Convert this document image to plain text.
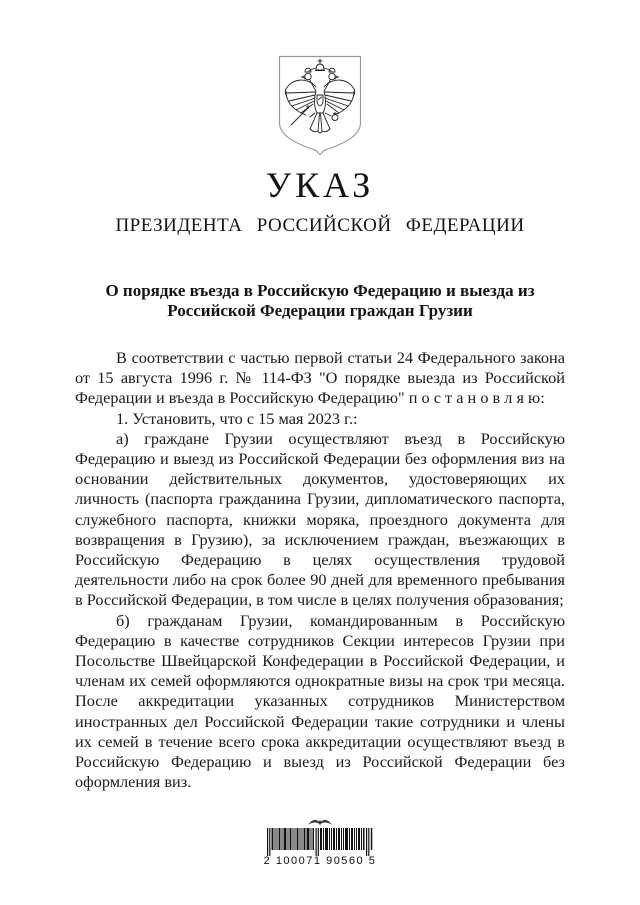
УКАЗ
ПРЕЗИДЕНТА РОССИЙСКОЙ ФЕДЕРАЦИИ
О порядке въезда в Российскую Федерацию и выезда из Российской Федерации граждан Грузии

В соответствии с частью первой статьи 24 Федерального закона от 15 августа 1996 г. № 114-ФЗ "О порядке выезда из Российской Федерации и въезда в Российскую Федерацию" п о с т а н о в л я ю:

1. Установить, что с 15 мая 2023 г.:

а) граждане Грузии осуществляют въезд в Российскую Федерацию и выезд из Российской Федерации без оформления виз на основании действительных документов, удостоверяющих их личность (паспорта гражданина Грузии, дипломатического паспорта, служебного паспорта, книжки моряка, проездного документа для возвращения в Грузию), за исключением граждан, въезжающих в Российскую Федерацию в целях осуществления трудовой деятельности либо на срок более 90 дней для временного пребывания в Российской Федерации, в том числе в целях получения образования;

б) гражданам Грузии, командированным в Российскую Федерацию в качестве сотрудников Секции интересов Грузии при Посольстве Швейцарской Конфедерации в Российской Федерации, и членам их семей оформляются однократные визы на срок три месяца. После аккредитации указанных сотрудников Министерством иностранных дел Российской Федерации такие сотрудники и члены их семей в течение всего срока аккредитации осуществляют въезд в Российскую Федерацию и выезд из Российской Федерации без оформления виз.

2 100071 90560 5
